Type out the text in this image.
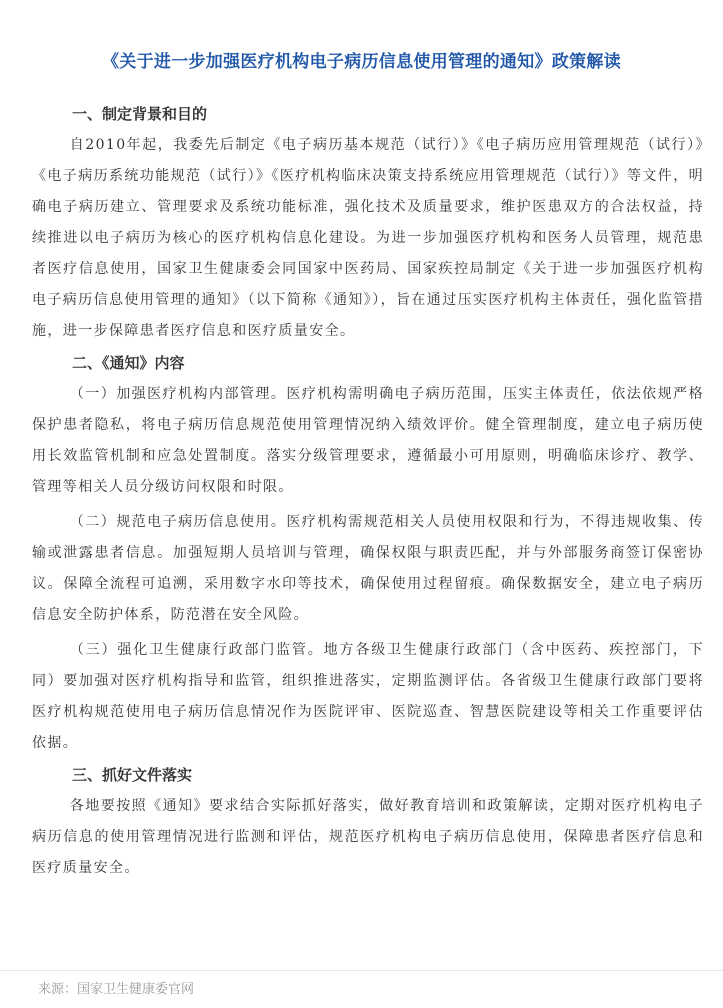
《关于进一步加强医疗机构电子病历信息使用管理的通知》政策解读
一、制定背景和目的

自2010年起，我委先后制定《电子病历基本规范（试行）》《电子病历应用管理规范（试行）》《电子病历系统功能规范（试行）》《医疗机构临床决策支持系统应用管理规范（试行）》等文件，明确电子病历建立、管理要求及系统功能标准，强化技术及质量要求，维护医患双方的合法权益，持续推进以电子病历为核心的医疗机构信息化建设。为进一步加强医疗机构和医务人员管理，规范患者医疗信息使用，国家卫生健康委会同国家中医药局、国家疾控局制定《关于进一步加强医疗机构电子病历信息使用管理的通知》（以下简称《通知》），旨在通过压实医疗机构主体责任，强化监管措施，进一步保障患者医疗信息和医疗质量安全。

二、《通知》内容

（一）加强医疗机构内部管理。医疗机构需明确电子病历范围，压实主体责任，依法依规严格保护患者隐私，将电子病历信息规范使用管理情况纳入绩效评价。健全管理制度，建立电子病历使用长效监管机制和应急处置制度。落实分级管理要求，遵循最小可用原则，明确临床诊疗、教学、管理等相关人员分级访问权限和时限。

（二）规范电子病历信息使用。医疗机构需规范相关人员使用权限和行为，不得违规收集、传输或泄露患者信息。加强短期人员培训与管理，确保权限与职责匹配，并与外部服务商签订保密协议。保障全流程可追溯，采用数字水印等技术，确保使用过程留痕。确保数据安全，建立电子病历信息安全防护体系，防范潜在安全风险。

（三）强化卫生健康行政部门监管。地方各级卫生健康行政部门（含中医药、疾控部门，下同）要加强对医疗机构指导和监管，组织推进落实，定期监测评估。各省级卫生健康行政部门要将医疗机构规范使用电子病历信息情况作为医院评审、医院巡查、智慧医院建设等相关工作重要评估依据。

三、抓好文件落实

各地要按照《通知》要求结合实际抓好落实，做好教育培训和政策解读，定期对医疗机构电子病历信息的使用管理情况进行监测和评估，规范医疗机构电子病历信息使用，保障患者医疗信息和医疗质量安全。

来源：国家卫生健康委官网
